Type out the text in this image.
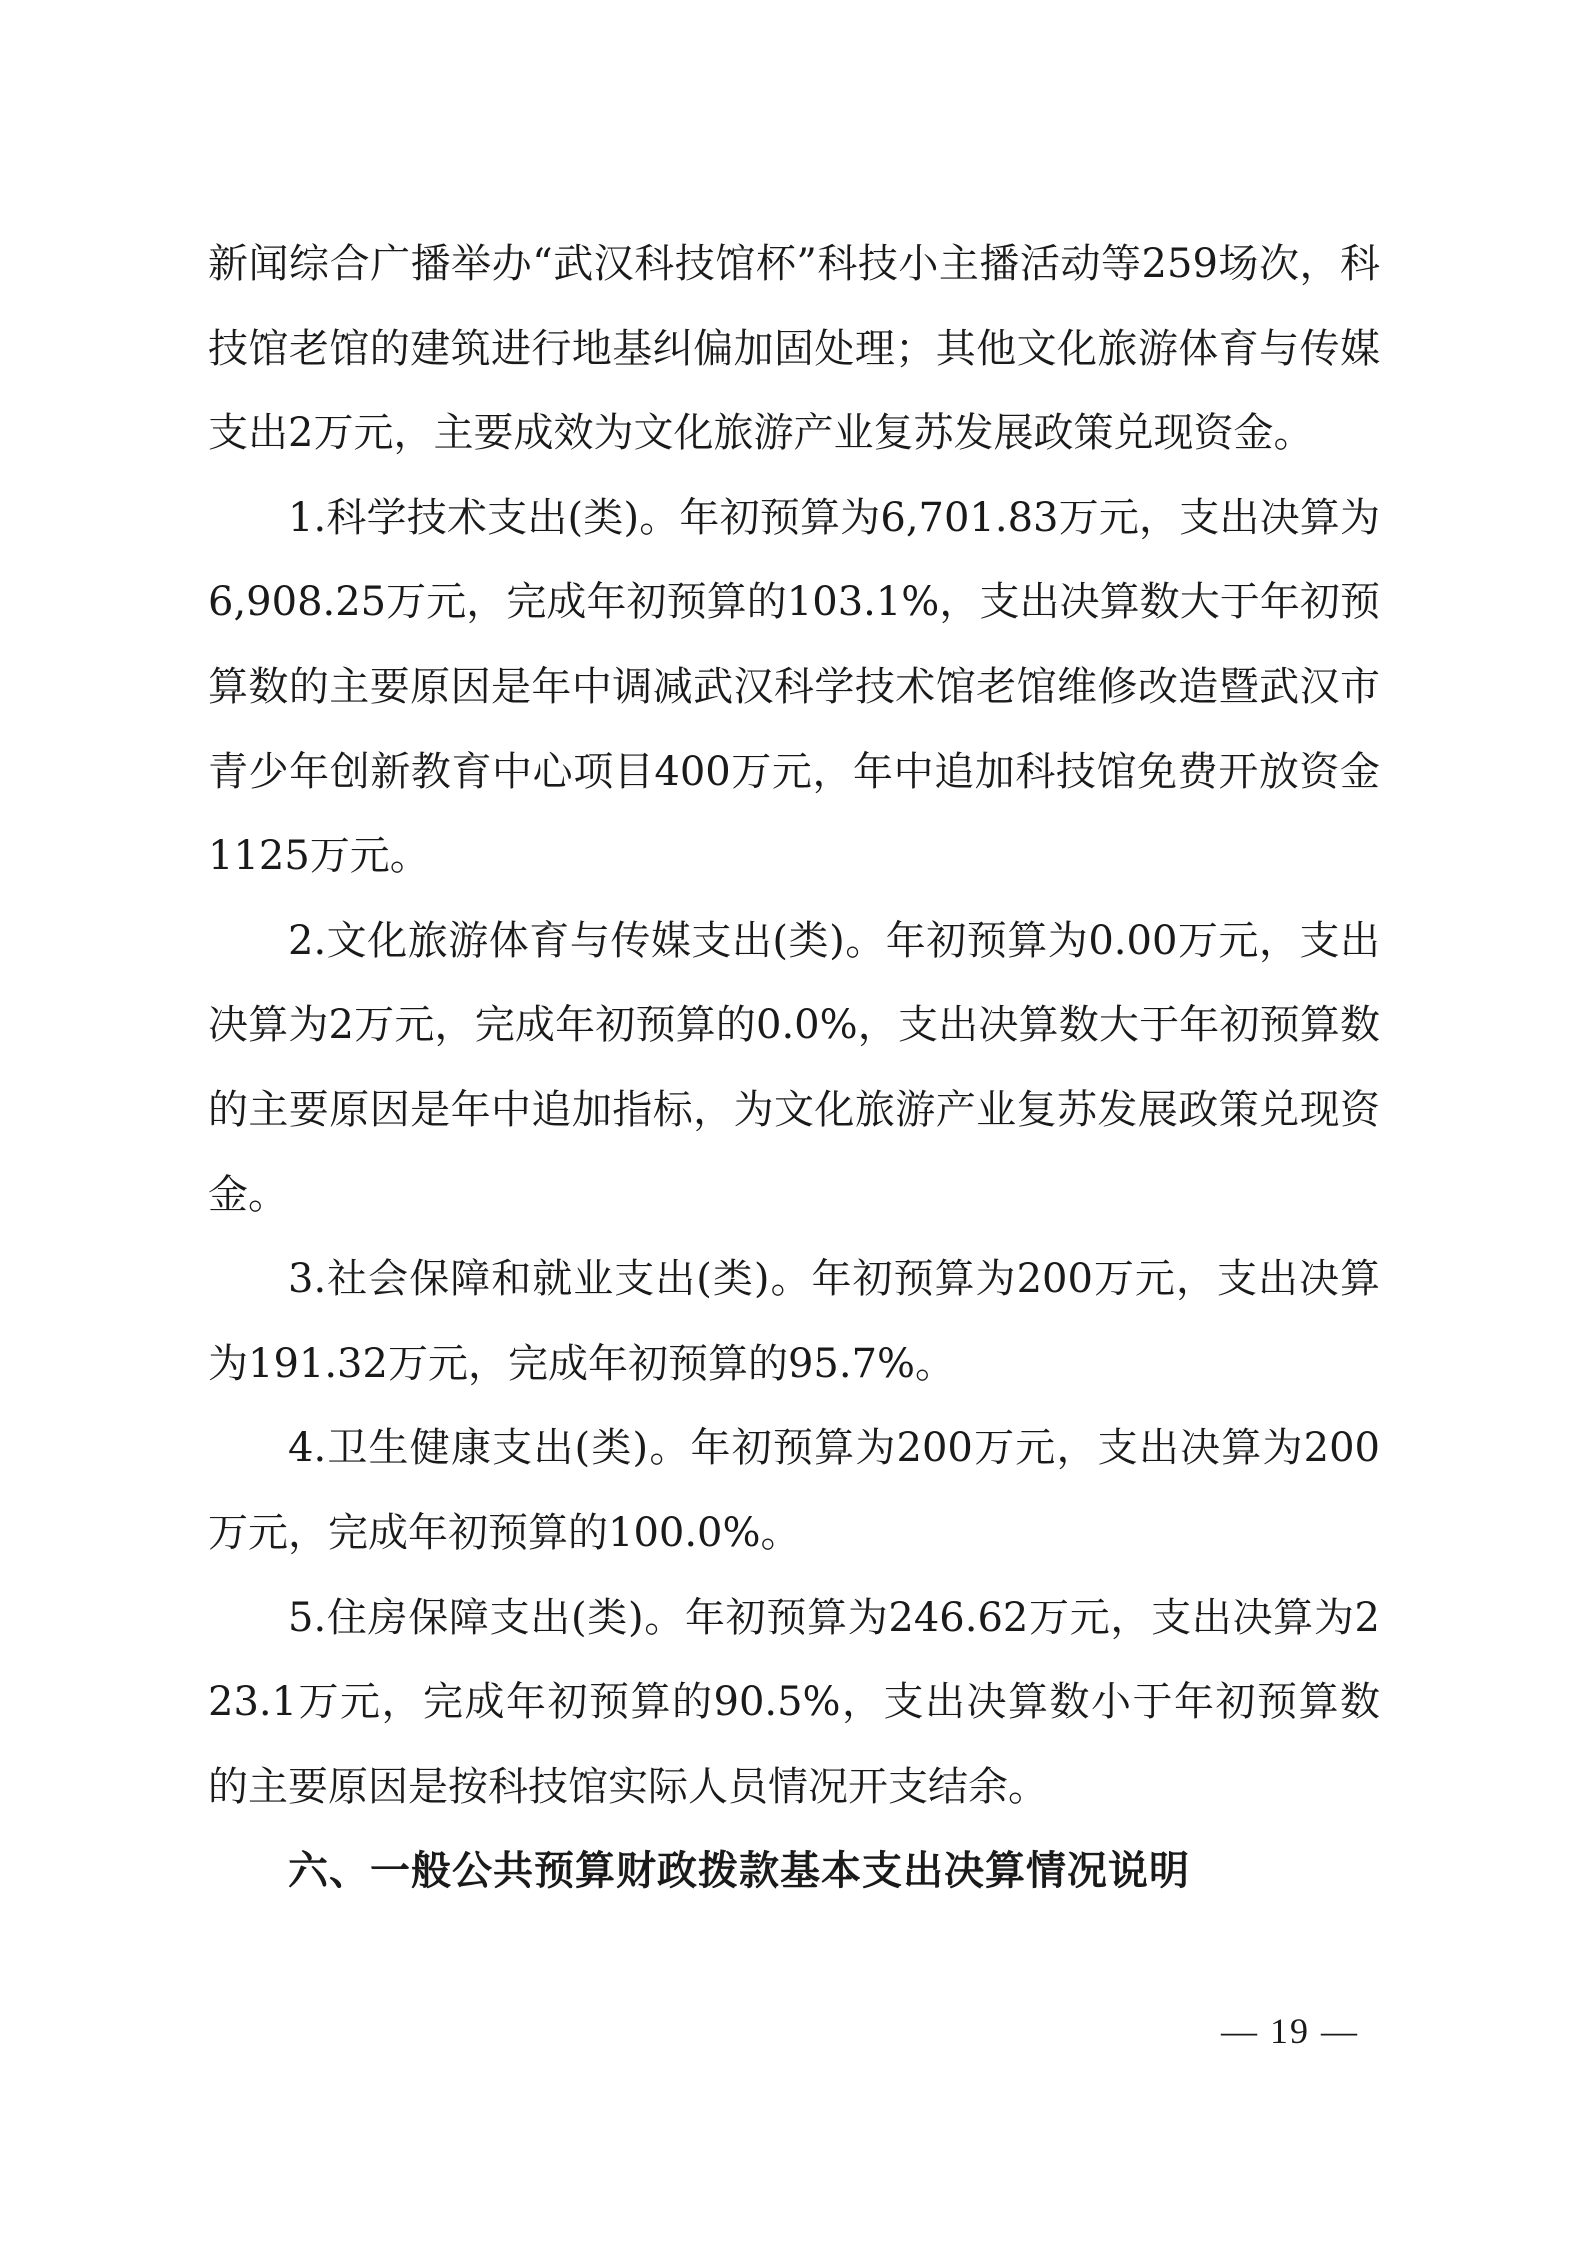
新闻综合广播举办“武汉科技馆杯”科技小主播活动等259场次，科技馆老馆的建筑进行地基纠偏加固处理；其他文化旅游体育与传媒支出2万元，主要成效为文化旅游产业复苏发展政策兑现资金。

1.科学技术支出(类)。年初预算为6,701.83万元，支出决算为6,908.25万元，完成年初预算的103.1%，支出决算数大于年初预算数的主要原因是年中调减武汉科学技术馆老馆维修改造暨武汉市青少年创新教育中心项目400万元，年中追加科技馆免费开放资金1125万元。

2.文化旅游体育与传媒支出(类)。年初预算为0.00万元，支出决算为2万元，完成年初预算的0.0%，支出决算数大于年初预算数的主要原因是年中追加指标，为文化旅游产业复苏发展政策兑现资金。

3.社会保障和就业支出(类)。年初预算为200万元，支出决算为191.32万元，完成年初预算的95.7%。

4.卫生健康支出(类)。年初预算为200万元，支出决算为200万元，完成年初预算的100.0%。

5.住房保障支出(类)。年初预算为246.62万元，支出决算为223.1万元，完成年初预算的90.5%，支出决算数小于年初预算数的主要原因是按科技馆实际人员情况开支结余。

六、一般公共预算财政拨款基本支出决算情况说明

— 19 —
